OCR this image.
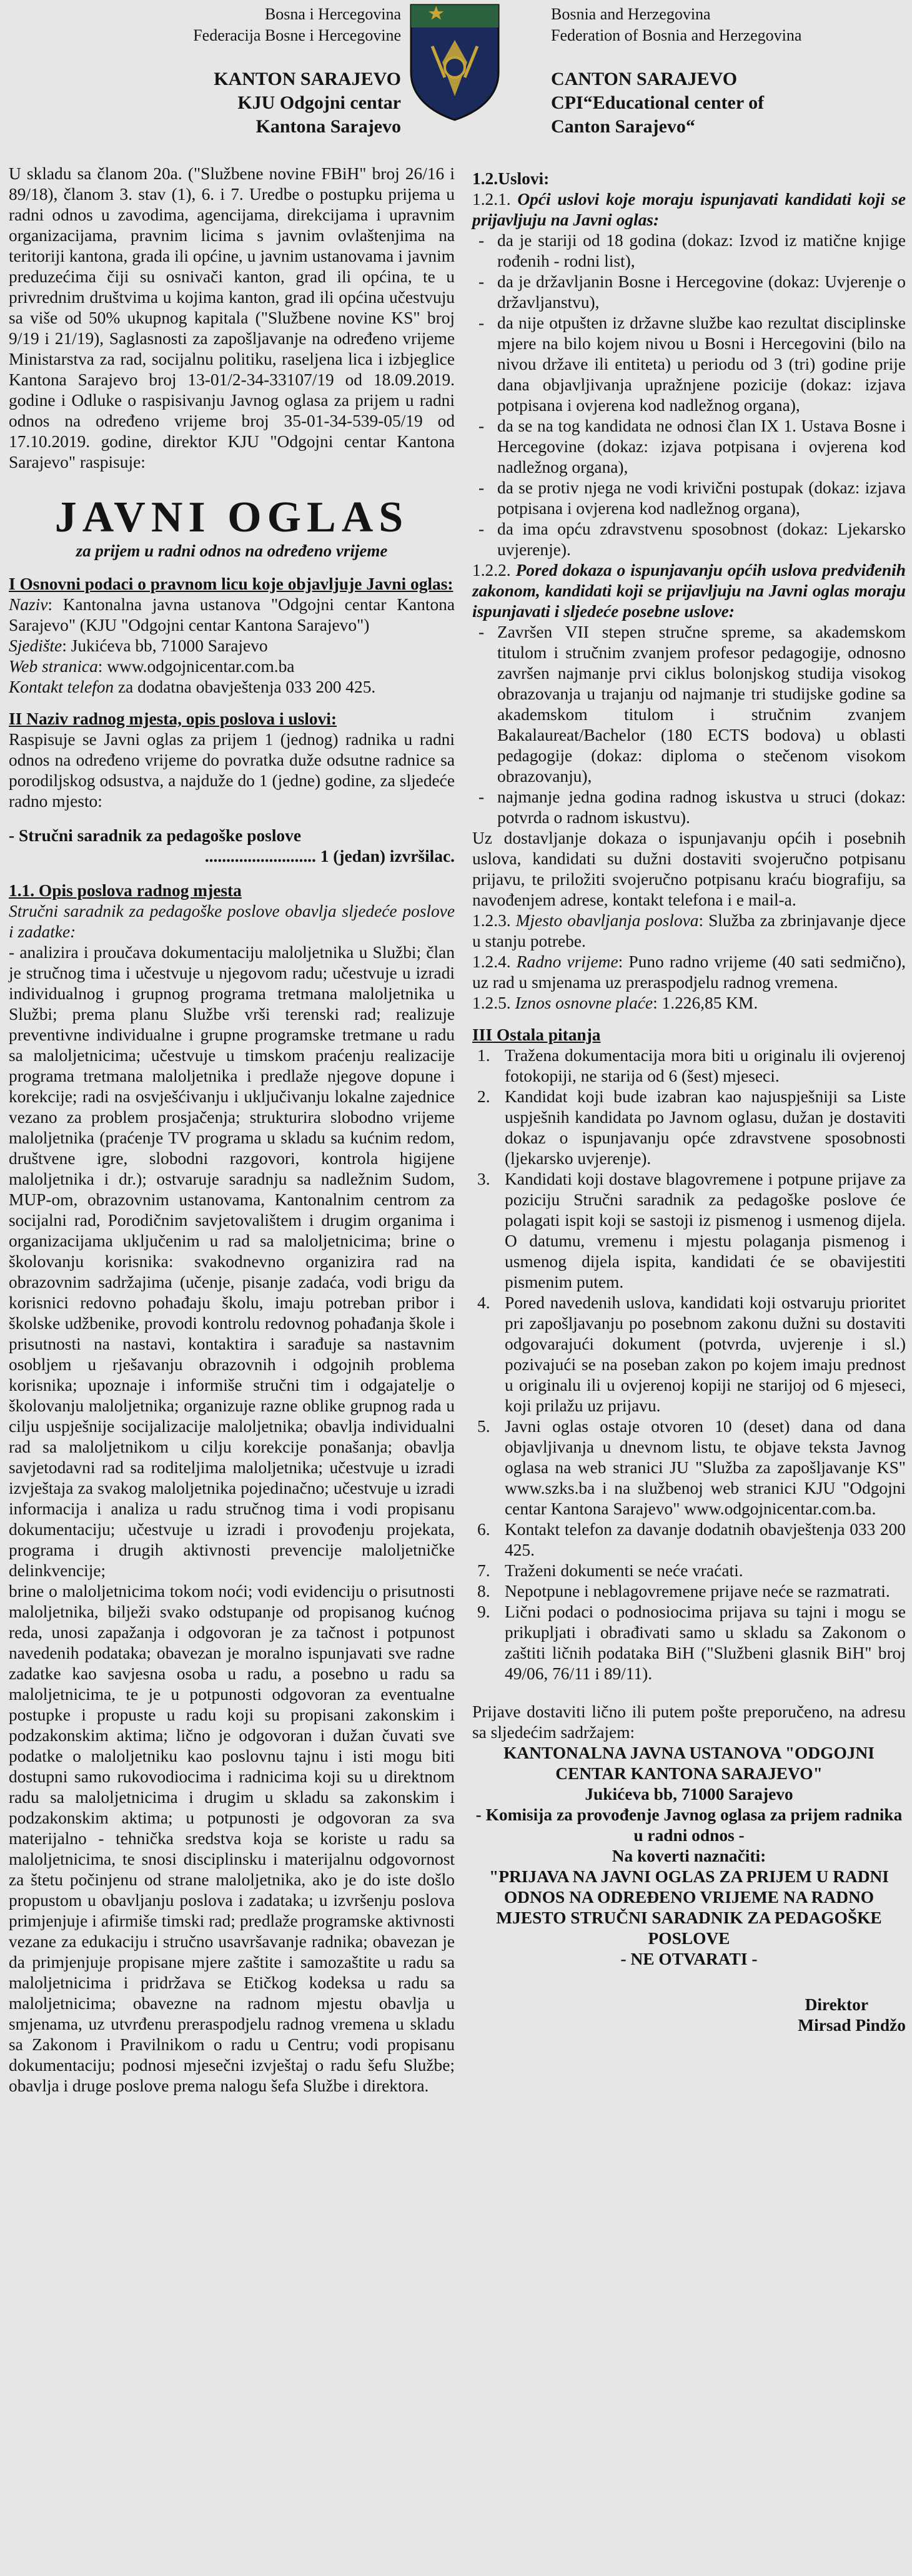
Bosna i Hercegovina
Federacija Bosne i Hercegovine
KANTON SARAJEVO
KJU Odgojni centar
Kantona Sarajevo
Bosnia and Herzegovina
Federation of Bosnia and Herzegovina
CANTON SARAJEVO
CPI“Educational center of
Canton Sarajevo“

U skladu sa članom 20a. ("Službene novine FBiH" broj 26/16 i 89/18), članom 3. stav (1), 6. i 7. Uredbe o postupku prijema u radni odnos u zavodima, agencijama, direkcijama i upravnim organizacijama, pravnim licima s javnim ovlaštenjima na teritoriji kantona, grada ili općine, u javnim ustanovama i javnim preduzećima čiji su osnivači kanton, grad ili općina, te u privrednim društvima u kojima kanton, grad ili općina učestvuju sa više od 50% ukupnog kapitala ("Službene novine KS" broj 9/19 i 21/19), Saglasnosti za zapošljavanje na određeno vrijeme Ministarstva za rad, socijalnu politiku, raseljena lica i izbjeglice Kantona Sarajevo broj 13-01/2-34-33107/19 od 18.09.2019. godine i Odluke o raspisivanju Javnog oglasa za prijem u radni odnos na određeno vrijeme broj 35-01-34-539-05/19 od 17.10.2019. godine, direktor KJU "Odgojni centar Kantona Sarajevo" raspisuje:

JAVNI OGLAS

za prijem u radni odnos na određeno vrijeme

I Osnovni podaci o pravnom licu koje objavljuje Javni oglas:

Naziv: Kantonalna javna ustanova "Odgojni centar Kantona Sarajevo" (KJU "Odgojni centar Kantona Sarajevo")

Sjedište: Jukićeva bb, 71000 Sarajevo

Web stranica: www.odgojnicentar.com.ba

Kontakt telefon za dodatna obavještenja 033 200 425.

II Naziv radnog mjesta, opis poslova i uslovi:

Raspisuje se Javni oglas za prijem 1 (jednog) radnika u radni odnos na određeno vrijeme do povratka duže odsutne radnice sa porodiljskog odsustva, a najduže do 1 (jedne) godine, za sljedeće radno mjesto:

- Stručni saradnik za pedagoške poslove

.......................... 1 (jedan) izvršilac.

1.1. Opis poslova radnog mjesta

Stručni saradnik za pedagoške poslove obavlja sljedeće poslove i zadatke:

- analizira i proučava dokumentaciju maloljetnika u Službi; član je stručnog tima i učestvuje u njegovom radu; učestvuje u izradi individualnog i grupnog programa tretmana maloljetnika u Službi; prema planu Službe vrši terenski rad; realizuje preventivne individualne i grupne programske tretmane u radu sa maloljetnicima; učestvuje u timskom praćenju realizacije programa tretmana maloljetnika i predlaže njegove dopune i korekcije; radi na osvješćivanju i uključivanju lokalne zajednice vezano za problem prosjačenja; strukturira slobodno vrijeme maloljetnika (praćenje TV programa u skladu sa kućnim redom, društvene igre, slobodni razgovori, kontrola higijene maloljetnika i dr.); ostvaruje saradnju sa nadležnim Sudom, MUP-om, obrazovnim ustanovama, Kantonalnim centrom za socijalni rad, Porodičnim savjetovalištem i drugim organima i organizacijama uključenim u rad sa maloljetnicima; brine o školovanju korisnika: svakodnevno organizira rad na obrazovnim sadržajima (učenje, pisanje zadaća, vodi brigu da korisnici redovno pohađaju školu, imaju potreban pribor i školske udžbenike, provodi kontrolu redovnog pohađanja škole i prisutnosti na nastavi, kontaktira i sarađuje sa nastavnim osobljem u rješavanju obrazovnih i odgojnih problema korisnika; upoznaje i informiše stručni tim i odgajatelje o školovanju maloljetnika; organizuje razne oblike grupnog rada u cilju uspješnije socijalizacije maloljetnika; obavlja individualni rad sa maloljetnikom u cilju korekcije ponašanja; obavlja savjetodavni rad sa roditeljima maloljetnika; učestvuje u izradi izvještaja za svakog maloljetnika pojedinačno; učestvuje u izradi informacija i analiza u radu stručnog tima i vodi propisanu dokumentaciju; učestvuje u izradi i provođenju projekata, programa i drugih aktivnosti prevencije maloljetničke delinkvencije;

brine o maloljetnicima tokom noći; vodi evidenciju o prisutnosti maloljetnika, bilježi svako odstupanje od propisanog kućnog reda, unosi zapažanja i odgovoran je za tačnost i potpunost navedenih podataka; obavezan je moralno ispunjavati sve radne zadatke kao savjesna osoba u radu, a posebno u radu sa maloljetnicima, te je u potpunosti odgovoran za eventualne postupke i propuste u radu koji su propisani zakonskim i podzakonskim aktima; lično je odgovoran i dužan čuvati sve podatke o maloljetniku kao poslovnu tajnu i isti mogu biti dostupni samo rukovodiocima i radnicima koji su u direktnom radu sa maloljetnicima i drugim u skladu sa zakonskim i podzakonskim aktima; u potpunosti je odgovoran za sva materijalno - tehnička sredstva koja se koriste u radu sa maloljetnicima, te snosi disciplinsku i materijalnu odgovornost za štetu počinjenu od strane maloljetnika, ako je do iste došlo propustom u obavljanju poslova i zadataka; u izvršenju poslova primjenjuje i afirmiše timski rad; predlaže programske aktivnosti vezane za edukaciju i stručno usavršavanje radnika; obavezan je da primjenjuje propisane mjere zaštite i samozaštite u radu sa maloljetnicima i pridržava se Etičkog kodeksa u radu sa maloljetnicima; obavezne na radnom mjestu obavlja u smjenama, uz utvrđenu preraspodjelu radnog vremena u skladu sa Zakonom i Pravilnikom o radu u Centru; vodi propisanu dokumentaciju; podnosi mjesečni izvještaj o radu šefu Službe; obavlja i druge poslove prema nalogu šefa Službe i direktora.

1.2.Uslovi:

1.2.1. Opći uslovi koje moraju ispunjavati kandidati koji se prijavljuju na Javni oglas:

- da je stariji od 18 godina (dokaz: Izvod iz matične knjige rođenih - rodni list),
- da je državljanin Bosne i Hercegovine (dokaz: Uvjerenje o državljanstvu),
- da nije otpušten iz državne službe kao rezultat disciplinske mjere na bilo kojem nivou u Bosni i Hercegovini (bilo na nivou države ili entiteta) u periodu od 3 (tri) godine prije dana objavljivanja upražnjene pozicije (dokaz: izjava potpisana i ovjerena kod nadležnog organa),
- da se na tog kandidata ne odnosi član IX 1. Ustava Bosne i Hercegovine (dokaz: izjava potpisana i ovjerena kod nadležnog organa),
- da se protiv njega ne vodi krivični postupak (dokaz: izjava potpisana i ovjerena kod nadležnog organa),
- da ima opću zdravstvenu sposobnost (dokaz: Ljekarsko uvjerenje).

1.2.2. Pored dokaza o ispunjavanju općih uslova predviđenih zakonom, kandidati koji se prijavljuju na Javni oglas moraju ispunjavati i sljedeće posebne uslove:

- Završen VII stepen stručne spreme, sa akademskom titulom i stručnim zvanjem profesor pedagogije, odnosno završen najmanje prvi ciklus bolonjskog studija visokog obrazovanja u trajanju od najmanje tri studijske godine sa akademskom titulom i stručnim zvanjem Bakalaureat/Bachelor (180 ECTS bodova) u oblasti pedagogije (dokaz: diploma o stečenom visokom obrazovanju),
- najmanje jedna godina radnog iskustva u struci (dokaz: potvrda o radnom iskustvu).

Uz dostavljanje dokaza o ispunjavanju općih i posebnih uslova, kandidati su dužni dostaviti svojeručno potpisanu prijavu, te priložiti svojeručno potpisanu kraću biografiju, sa navođenjem adrese, kontakt telefona i e mail-a.

1.2.3. Mjesto obavljanja poslova: Služba za zbrinjavanje djece u stanju potrebe.

1.2.4. Radno vrijeme: Puno radno vrijeme (40 sati sedmično), uz rad u smjenama uz preraspodjelu radnog vremena.

1.2.5. Iznos osnovne plaće: 1.226,85 KM.

III Ostala pitanja

1. Tražena dokumentacija mora biti u originalu ili ovjerenoj fotokopiji, ne starija od 6 (šest) mjeseci.
2. Kandidat koji bude izabran kao najuspješniji sa Liste uspješnih kandidata po Javnom oglasu, dužan je dostaviti dokaz o ispunjavanju opće zdravstvene sposobnosti (ljekarsko uvjerenje).
3. Kandidati koji dostave blagovremene i potpune prijave za poziciju Stručni saradnik za pedagoške poslove će polagati ispit koji se sastoji iz pismenog i usmenog dijela. O datumu, vremenu i mjestu polaganja pismenog i usmenog dijela ispita, kandidati će se obavijestiti pismenim putem.
4. Pored navedenih uslova, kandidati koji ostvaruju prioritet pri zapošljavanju po posebnom zakonu dužni su dostaviti odgovarajući dokument (potvrda, uvjerenje i sl.) pozivajući se na poseban zakon po kojem imaju prednost u originalu ili u ovjerenoj kopiji ne starijoj od 6 mjeseci, koji prilažu uz prijavu.
5. Javni oglas ostaje otvoren 10 (deset) dana od dana objavljivanja u dnevnom listu, te objave teksta Javnog oglasa na web stranici JU "Služba za zapošljavanje KS" www.szks.ba i na službenoj web stranici KJU "Odgojni centar Kantona Sarajevo" www.odgojnicentar.com.ba.
6. Kontakt telefon za davanje dodatnih obavještenja 033 200 425.
7. Traženi dokumenti se neće vraćati.
8. Nepotpune i neblagovremene prijave neće se razmatrati.
9. Lični podaci o podnosiocima prijava su tajni i mogu se prikupljati i obrađivati samo u skladu sa Zakonom o zaštiti ličnih podataka BiH ("Službeni glasnik BiH" broj 49/06, 76/11 i 89/11).

Prijave dostaviti lično ili putem pošte preporučeno, na adresu sa sljedećim sadržajem:

KANTONALNA JAVNA USTANOVA "ODGOJNI CENTAR KANTONA SARAJEVO"

Jukićeva bb, 71000 Sarajevo

- Komisija za provođenje Javnog oglasa za prijem radnika u radni odnos -

Na koverti naznačiti:

"PRIJAVA NA JAVNI OGLAS ZA PRIJEM U RADNI ODNOS NA ODREĐENO VRIJEME NA RADNO MJESTO STRUČNI SARADNIK ZA PEDAGOŠKE POSLOVE

- NE OTVARATI -

Direktor

Mirsad Pindžo
